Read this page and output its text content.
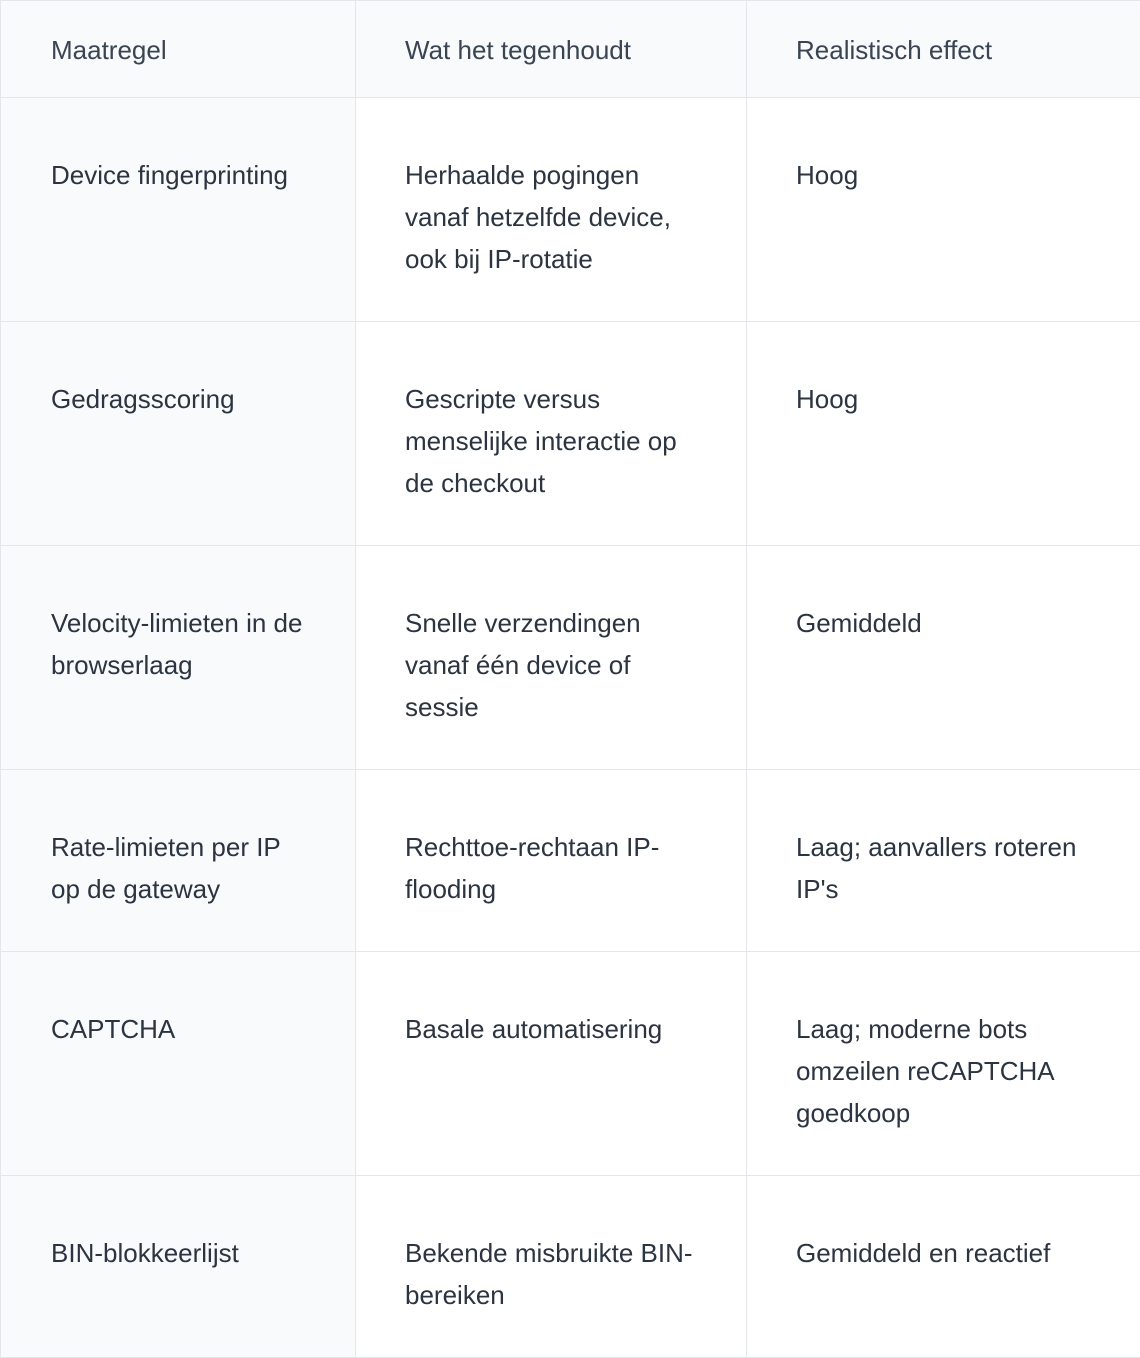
Maatregel	Wat het tegenhoudt	Realistisch effect
Device fingerprinting	Herhaalde pogingen vanaf hetzelfde device, ook bij IP-rotatie	Hoog
Gedragsscoring	Gescripte versus menselijke interactie op de checkout	Hoog
Velocity-limieten in de browserlaag	Snelle verzendingen vanaf één device of sessie	Gemiddeld
Rate-limieten per IP op de gateway	Rechttoe-rechtaan IP-flooding	Laag; aanvallers roteren IP's
CAPTCHA	Basale automatisering	Laag; moderne bots omzeilen reCAPTCHA goedkoop
BIN-blokkeerlijst	Bekende misbruikte BIN-bereiken	Gemiddeld en reactief
